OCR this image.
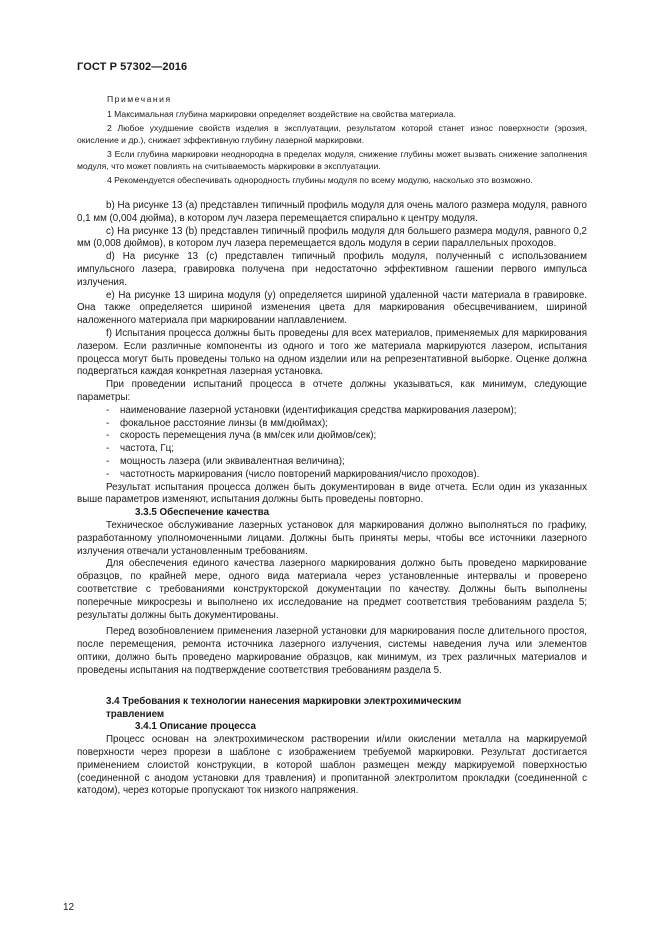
ГОСТ Р 57302—2016

Примечания

1 Максимальная глубина маркировки определяет воздействие на свойства материала.

2 Любое ухудшение свойств изделия в эксплуатации, результатом которой станет износ поверхности (эрозия, окисление и др.), снижает эффективную глубину лазерной маркировки.

3 Если глубина маркировки неоднородна в пределах модуля, снижение глубины может вызвать снижение заполнения модуля, что может повлиять на считываемость маркировки в эксплуатации.

4 Рекомендуется обеспечивать однородность глубины модуля по всему модулю, насколько это возможно.

b) На рисунке 13 (a) представлен типичный профиль модуля для очень малого размера модуля, равного 0,1 мм (0,004 дюйма), в котором луч лазера перемещается спирально к центру модуля.

c) На рисунке 13 (b) представлен типичный профиль модуля для большего размера модуля, равного 0,2 мм (0,008 дюймов), в котором луч лазера перемещается вдоль модуля в серии параллельных проходов.

d) На рисунке 13 (c) представлен типичный профиль модуля, полученный с использованием импульсного лазера, гравировка получена при недостаточно эффективном гашении первого импульса излучения.

e) На рисунке 13 ширина модуля (y) определяется шириной удаленной части материала в гравировке. Она также определяется шириной изменения цвета для маркирования обесцвечиванием, шириной наложенного материала при маркировании наплавлением.

f) Испытания процесса должны быть проведены для всех материалов, применяемых для маркирования лазером. Если различные компоненты из одного и того же материала маркируются лазером, испытания процесса могут быть проведены только на одном изделии или на репрезентативной выборке. Оценке должна подвергаться каждая конкретная лазерная установка.

При проведении испытаний процесса в отчете должны указываться, как минимум, следующие параметры:

- наименование лазерной установки (идентификация средства маркирования лазером);
- фокальное расстояние линзы (в мм/дюймах);
- скорость перемещения луча (в мм/сек или дюймов/сек);
- частота, Гц;
- мощность лазера (или эквивалентная величина);
- частотность маркирования (число повторений маркирования/число проходов).

Результат испытания процесса должен быть документирован в виде отчета. Если один из указанных выше параметров изменяют, испытания должны быть проведены повторно.

3.3.5 Обеспечение качества

Техническое обслуживание лазерных установок для маркирования должно выполняться по графику, разработанному уполномоченными лицами. Должны быть приняты меры, чтобы все источники лазерного излучения отвечали установленным требованиям.

Для обеспечения единого качества лазерного маркирования должно быть проведено маркирование образцов, по крайней мере, одного вида материала через установленные интервалы и проверено соответствие с требованиями конструкторской документации по качеству. Должны быть выполнены поперечные микросрезы и выполнено их исследование на предмет соответствия требованиям раздела 5; результаты должны быть документированы.

Перед возобновлением применения лазерной установки для маркирования после длительного простоя, после перемещения, ремонта источника лазерного излучения, системы наведения луча или элементов оптики, должно быть проведено маркирование образцов, как минимум, из трех различных материалов и проведены испытания на подтверждение соответствия требованиям раздела 5.

3.4 Требования к технологии нанесения маркировки электрохимическим
травлением

3.4.1 Описание процесса

Процесс основан на электрохимическом растворении и/или окислении металла на маркируемой поверхности через прорези в шаблоне с изображением требуемой маркировки. Результат достигается применением слоистой конструкции, в которой шаблон размещен между маркируемой поверхностью (соединенной с анодом установки для травления) и пропитанной электролитом прокладки (соединенной с катодом), через которые пропускают ток низкого напряжения.

12
